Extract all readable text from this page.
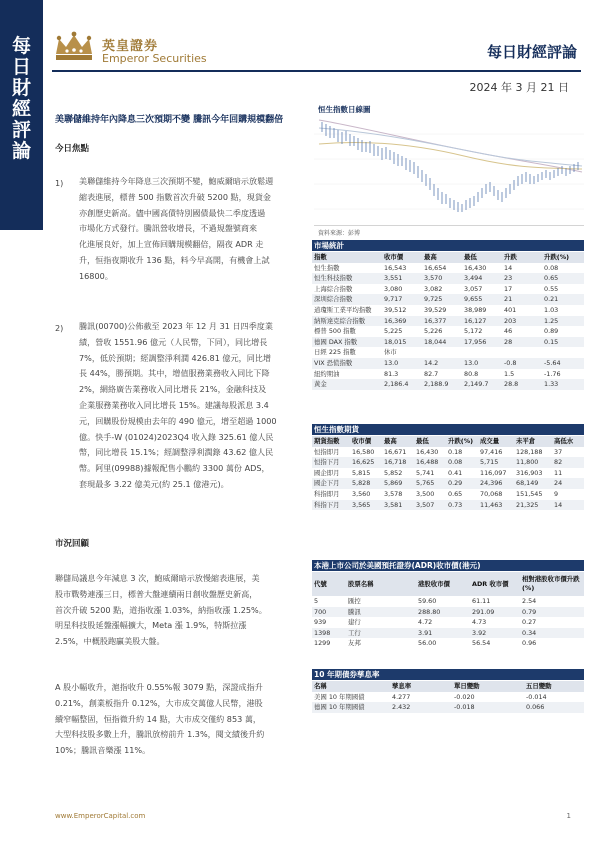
每
日
財
經
評
論
英皇證券
Emperor Securities	每日財經評論
2024 年 3 月 21 日
美聯儲維持年內降息三次預期不變 騰訊今年回購規模翻倍
今日焦點
1) 美聯儲維持今年降息三次預期不變，鮑威爾暗示放鬆週
縮表進展，標普 500 指數首次升破 5200 點，現貨金
亦創歷史新高。儘中國高債特別國債最快二季度透過
市場化方式發行。騰訊營收增長，不過規盤號商來
化進展良好，加上宣佈回購規模翻倍，隔夜 ADR 走
升，恒指夜期收升 136 點，料今早高開，有機會上試
16800。
2) 騰訊(00700)公佈截至 2023 年 12 月 31 日四季度業
績，營收 1551.96 億元（人民幣，下同），同比增長
7%，低於預期；經調整淨利潤 426.81 億元，同比增
長 44%，勝預期。其中，增值服務業務收入同比下降
2%，網絡廣告業務收入同比增長 21%，金融科技及
企業服務業務收入同比增長 15%。建議每股派息 3.4
元，回購股份規模由去年的 490 億元，增至超過 1000
億。快手-W (01024)2023Q4 收入錄 325.61 億人民
幣，同比增長 15.1%；經調整淨利潤錄 43.62 億人民
幣。阿里(09988)據報配售小鵬約 3300 萬份 ADS，
套現最多 3.22 億美元(約 25.1 億港元)。
市況回顧
聯儲局議息今年減息 3 次，鮑威爾暗示放慢縮表進展，美
股市戰勢連漲三日，標普大盤連續兩日創收盤歷史新高，
首次升破 5200 點，道指收漲 1.03%，納指收漲 1.25%。
明星科技股延盤漲幅擴大，Meta 漲 1.9%，特斯拉漲
2.5%，中概股跑贏美股大盤。
A 股小幅收升，滬指收升 0.55%報 3079 點，深證成指升
0.21%，創業板指升 0.12%，大市成交萬億人民幣，港股
續窄幅整固，恒指微升約 14 點，大市成交僅約 853 萬，
大型科技股多數上升，騰訊放榜前升 1.3%，閱文績後升約
10%；騰訊音樂漲 11%。
恒生指數日線圖
資料來源：彭博
市場統計
指數	收市價	最高	最低	升跌	升跌(%)
恒生指數	16,543	16,654	16,430	14	0.08
恒生科技指數	3,551	3,570	3,494	23	0.65
上海綜合指數	3,080	3,082	3,057	17	0.55
深圳綜合指數	9,717	9,725	9,655	21	0.21
道瓊斯工業平均指數	39,512	39,529	38,989	401	1.03
納斯達克綜合指數	16,369	16,377	16,127	203	1.25
標普 500 指數	5,225	5,226	5,172	46	0.89
德國 DAX 指數	18,015	18,044	17,956	28	0.15
日經 225 指數	休市				
VIX 恐慌指數	13.0	14.2	13.0	-0.8	-5.64
紐約期油	81.3	82.7	80.8	1.5	-1.76
黃金	2,186.4	2,188.9	2,149.7	28.8	1.33
恒生指數期貨
期貨指數	收市價	最高	最低	升跌(%)	成交量	未平倉	高低水
恒指即月	16,580	16,671	16,430	0.18	97,416	128,188	37
恒指下月	16,625	16,718	16,488	0.08	5,715	11,800	82
國企即月	5,815	5,852	5,741	0.41	116,097	316,903	11
國企下月	5,828	5,869	5,765	0.29	24,396	68,149	24
科指即月	3,560	3,578	3,500	0.65	70,068	151,545	9
科指下月	3,565	3,581	3,507	0.73	11,463	21,325	14
本港上市公司於美國預托證券(ADR)收市價(港元)
代號	股票名稱	港股收市價	ADR 收市價	相對港股收市價升跌(%)
5	匯控	59.60	61.11	2.54
700	騰訊	288.80	291.09	0.79
939	建行	4.72	4.73	0.27
1398	工行	3.91	3.92	0.34
1299	友邦	56.00	56.54	0.96
10 年期債券孳息率
名稱	孳息率	單日變動	五日變動
美國 10 年期國債	4.277	-0.020	-0.014
德國 10 年期國債	2.432	-0.018	0.066
www.EmperorCapital.com	1
